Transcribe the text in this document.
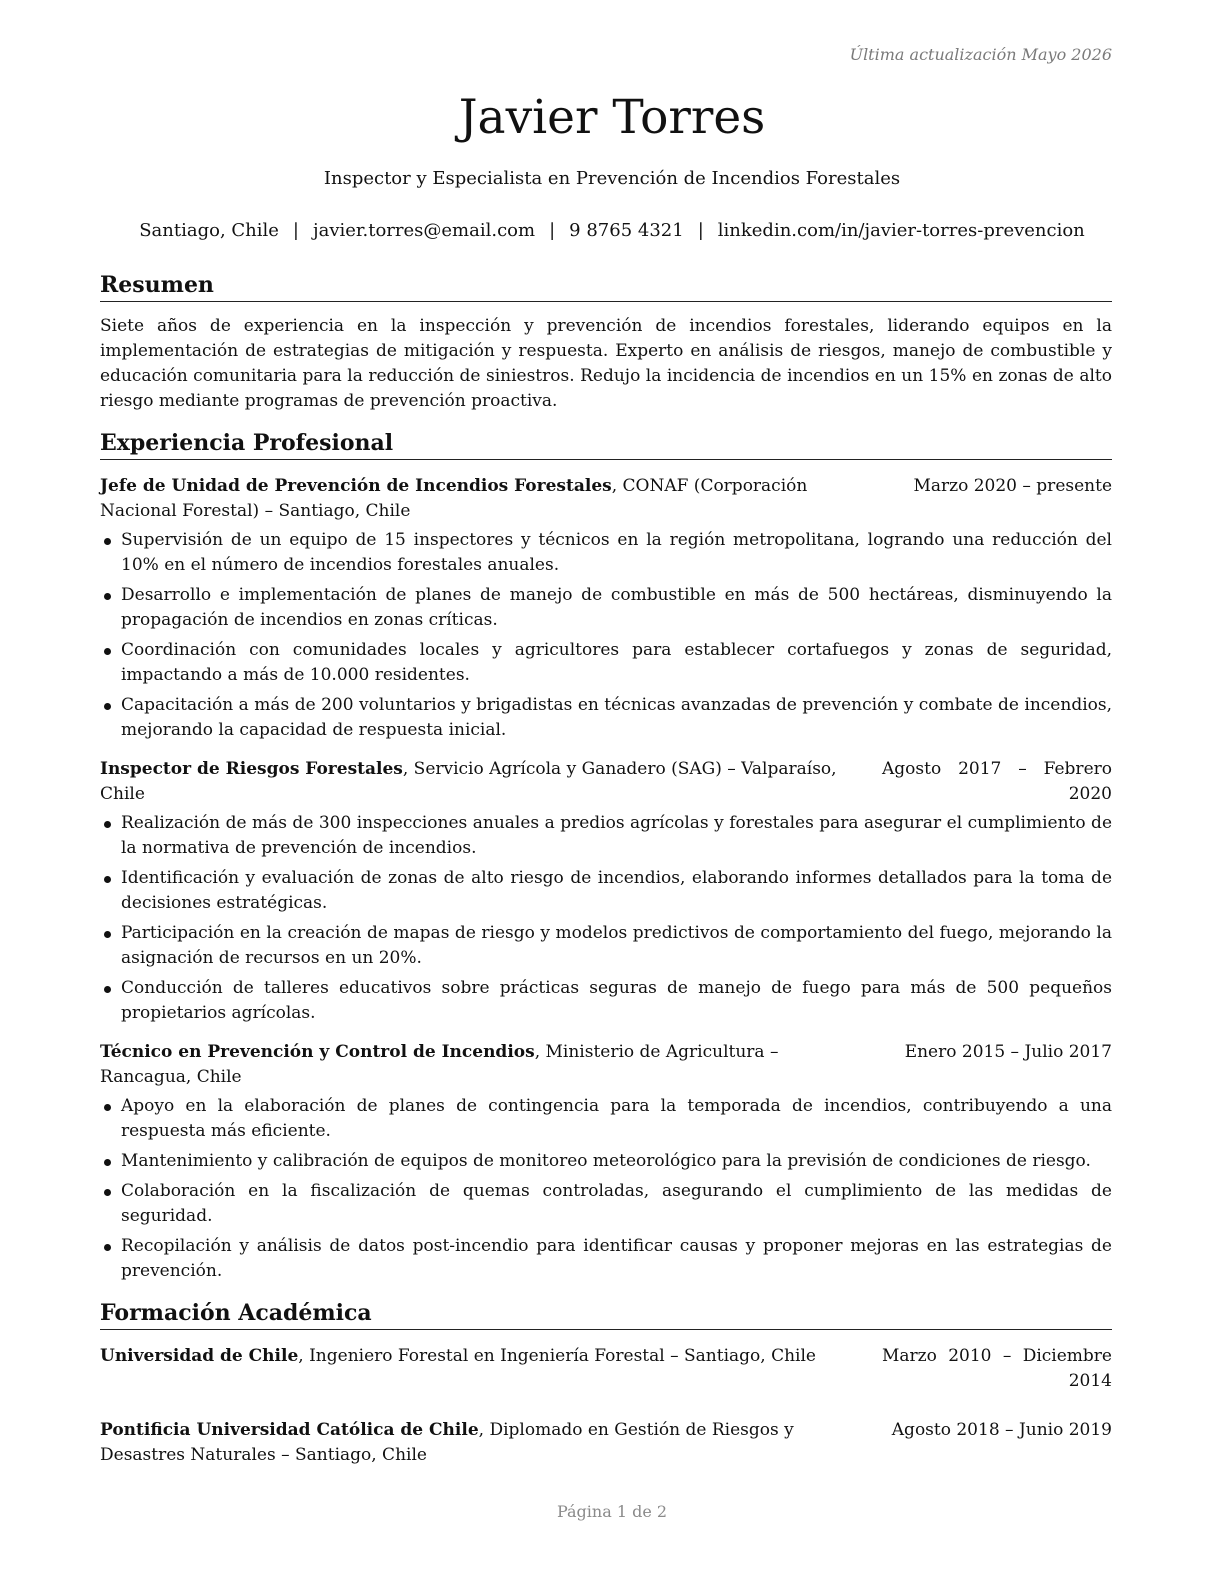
Última actualización Mayo 2026
Javier Torres
Inspector y Especialista en Prevención de Incendios Forestales
Santiago, Chile | javier.torres@email.com | 9 8765 4321 | linkedin.com/in/javier-torres-prevencion
Resumen

Siete años de experiencia en la inspección y prevención de incendios forestales, liderando equipos en la implementación de estrategias de mitigación y respuesta. Experto en análisis de riesgos, manejo de combustible y educación comunitaria para la reducción de siniestros. Redujo la incidencia de incendios en un 15% en zonas de alto riesgo mediante programas de prevención proactiva.

Experiencia Profesional
Jefe de Unidad de Prevención de Incendios Forestales, CONAF (Corporación Nacional Forestal) – Santiago, Chile
Marzo 2020 – presente
Supervisión de un equipo de 15 inspectores y técnicos en la región metropolitana, logrando una reducción del 10% en el número de incendios forestales anuales.
Desarrollo e implementación de planes de manejo de combustible en más de 500 hectáreas, disminuyendo la propagación de incendios en zonas críticas.
Coordinación con comunidades locales y agricultores para establecer cortafuegos y zonas de seguridad, impactando a más de 10.000 residentes.
Capacitación a más de 200 voluntarios y brigadistas en técnicas avanzadas de prevención y combate de incendios, mejorando la capacidad de respuesta inicial.
Inspector de Riesgos Forestales, Servicio Agrícola y Ganadero (SAG) – Valparaíso, Chile
Agosto 2017 – Febrero 2020
Realización de más de 300 inspecciones anuales a predios agrícolas y forestales para asegurar el cumplimiento de la normativa de prevención de incendios.
Identificación y evaluación de zonas de alto riesgo de incendios, elaborando informes detallados para la toma de decisiones estratégicas.
Participación en la creación de mapas de riesgo y modelos predictivos de comportamiento del fuego, mejorando la asignación de recursos en un 20%.
Conducción de talleres educativos sobre prácticas seguras de manejo de fuego para más de 500 pequeños propietarios agrícolas.
Técnico en Prevención y Control de Incendios, Ministerio de Agricultura – Rancagua, Chile
Enero 2015 – Julio 2017
Apoyo en la elaboración de planes de contingencia para la temporada de incendios, contribuyendo a una respuesta más eficiente.
Mantenimiento y calibración de equipos de monitoreo meteorológico para la previsión de condiciones de riesgo.
Colaboración en la fiscalización de quemas controladas, asegurando el cumplimiento de las medidas de seguridad.
Recopilación y análisis de datos post-incendio para identificar causas y proponer mejoras en las estrategias de prevención.
Formación Académica
Universidad de Chile, Ingeniero Forestal en Ingeniería Forestal – Santiago, Chile	Marzo 2010 – Diciembre 2014
Pontificia Universidad Católica de Chile, Diplomado en Gestión de Riesgos y Desastres Naturales – Santiago, Chile
Agosto 2018 – Junio 2019
Página 1 de 2
